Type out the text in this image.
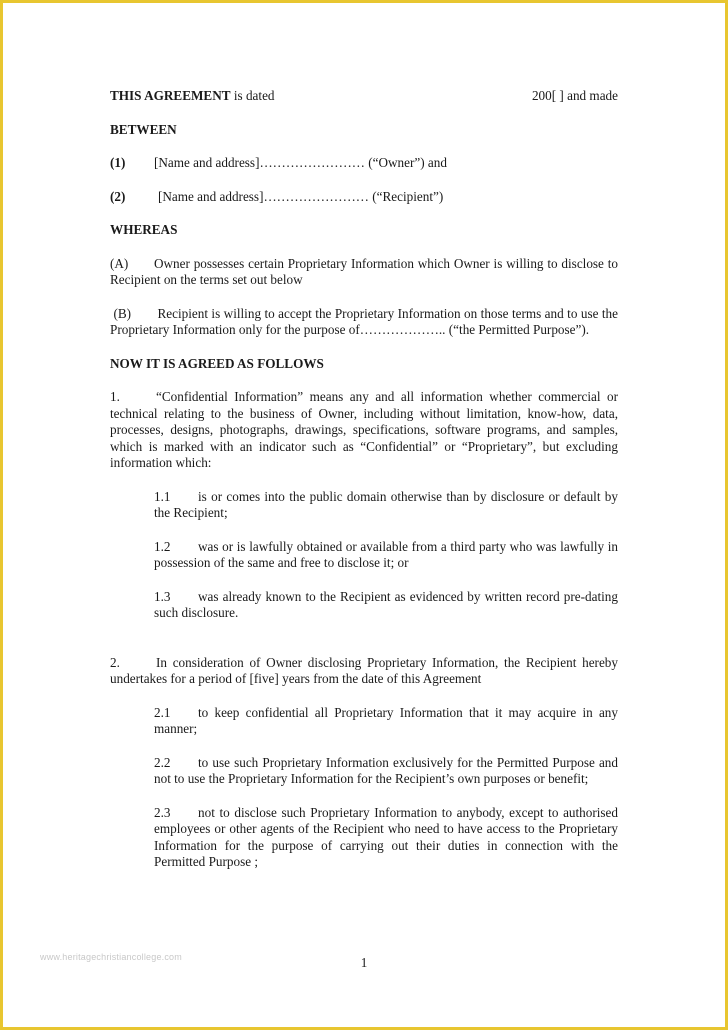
THIS AGREEMENT is dated	200[ ] and made

BETWEEN

(1) [Name and address]…………………… (“Owner”) and

(2) [Name and address]…………………… (“Recipient”)

WHEREAS

(A) Owner possesses certain Proprietary Information which Owner is willing to disclose to Recipient on the terms set out below

(B) Recipient is willing to accept the Proprietary Information on those terms and to use the Proprietary Information only for the purpose of……………….. (“the Permitted Purpose”).

NOW IT IS AGREED AS FOLLOWS

1.	“Confidential Information” means any and all information whether commercial or technical relating to the business of Owner, including without limitation, know-how, data, processes, designs, photographs, drawings, specifications, software programs, and samples, which is marked with an indicator such as “Confidential” or “Proprietary”, but excluding information which:

1.1 is or comes into the public domain otherwise than by disclosure or default by the Recipient;

1.2 was or is lawfully obtained or available from a third party who was lawfully in possession of the same and free to disclose it; or

1.3 was already known to the Recipient as evidenced by written record pre-dating such disclosure.

2.	In consideration of Owner disclosing Proprietary Information, the Recipient hereby undertakes for a period of [five] years from the date of this Agreement

2.1 to keep confidential all Proprietary Information that it may acquire in any manner;

2.2 to use such Proprietary Information exclusively for the Permitted Purpose and not to use the Proprietary Information for the Recipient’s own purposes or benefit;

2.3 not to disclose such Proprietary Information to anybody, except to authorised employees or other agents of the Recipient who need to have access to the Proprietary Information for the purpose of carrying out their duties in connection with the Permitted Purpose ;

www.heritagechristiancollege.com	1
